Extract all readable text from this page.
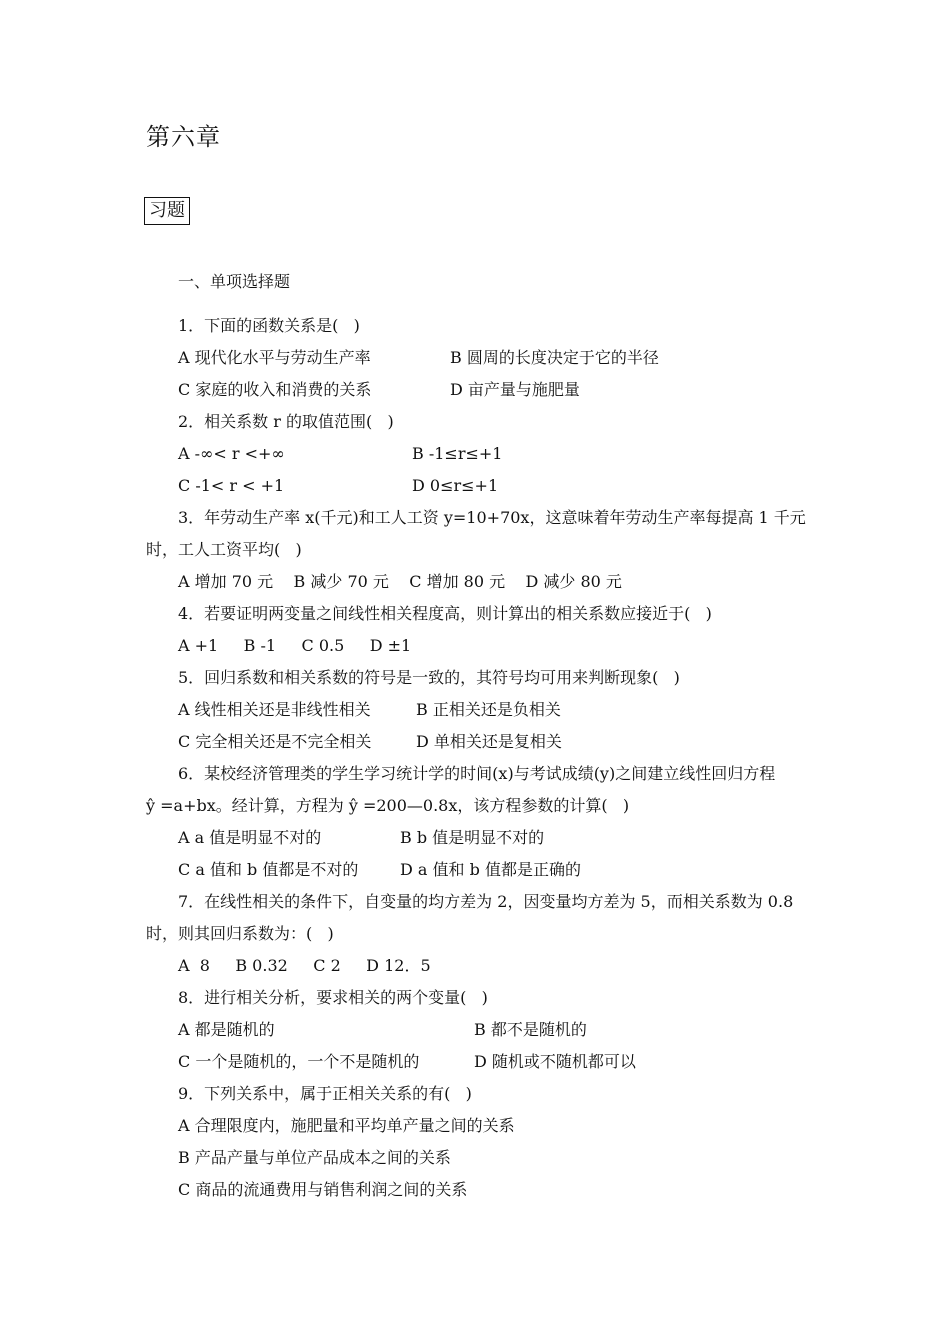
第六章
习题
一、单项选择题
1．下面的函数关系是(   )
A 现代化水平与劳动生产率	B 圆周的长度决定于它的半径
C 家庭的收入和消费的关系	D 亩产量与施肥量
2．相关系数 r 的取值范围(   )
A -∞< r <+∞	B -1≤r≤+1
C -1< r < +1	D 0≤r≤+1
3．年劳动生产率 x(千元)和工人工资 y=10+70x，这意味着年劳动生产率每提高 1 千元
时，工人工资平均(   )
A 增加 70 元    B 减少 70 元    C 增加 80 元    D 减少 80 元
4．若要证明两变量之间线性相关程度高，则计算出的相关系数应接近于(   )
A +1     B -1     C 0.5     D ±1
5．回归系数和相关系数的符号是一致的，其符号均可用来判断现象(   )
A 线性相关还是非线性相关	B 正相关还是负相关
C 完全相关还是不完全相关	D 单相关还是复相关
6．某校经济管理类的学生学习统计学的时间(x)与考试成绩(y)之间建立线性回归方程
ŷ =a+bx。经计算，方程为 ŷ =200—0.8x，该方程参数的计算(   )
A a 值是明显不对的	B b 值是明显不对的
C a 值和 b 值都是不对的	D a 值和 b 值都是正确的
7．在线性相关的条件下，自变量的均方差为 2，因变量均方差为 5，而相关系数为 0.8
时，则其回归系数为：(   )
A  8     B 0.32     C 2     D 12．5
8．进行相关分析，要求相关的两个变量(   )
A 都是随机的	B 都不是随机的
C 一个是随机的，一个不是随机的	D 随机或不随机都可以
9．下列关系中，属于正相关关系的有(   )
A 合理限度内，施肥量和平均单产量之间的关系
B 产品产量与单位产品成本之间的关系
C 商品的流通费用与销售利润之间的关系
